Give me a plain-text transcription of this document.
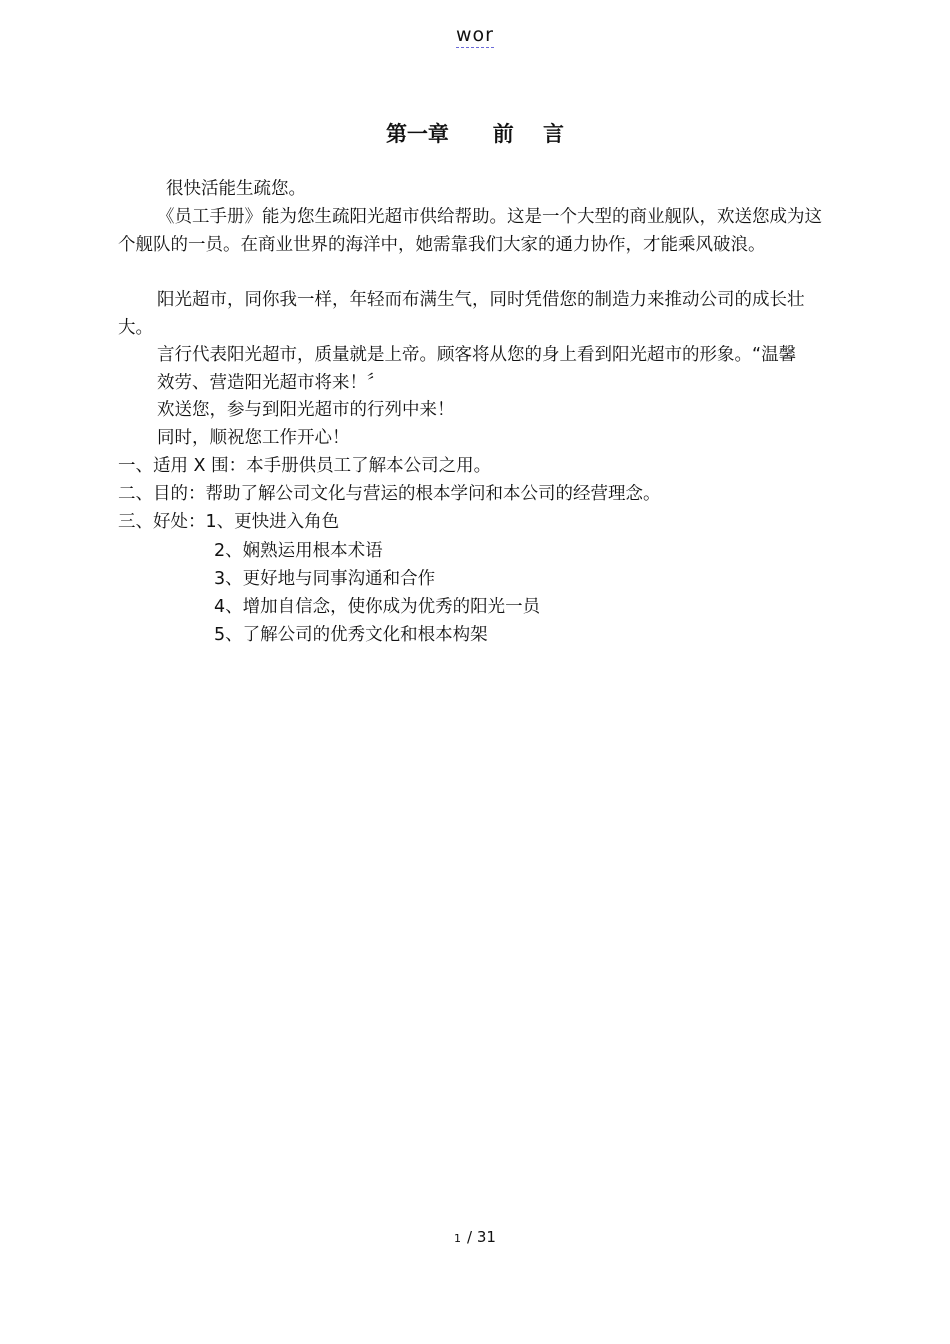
wor
第一章      前    言

很快活能生疏您。

《员工手册》能为您生疏阳光超市供给帮助。这是一个大型的商业舰队，欢送您成为这个舰队的一员。在商业世界的海洋中，她需靠我们大家的通力协作，才能乘风破浪。

阳光超市，同你我一样，年轻而布满生气，同时凭借您的制造力来推动公司的成长壮大。

言行代表阳光超市，质量就是上帝。顾客将从您的身上看到阳光超市的形象。“温馨效劳、营造阳光超市将来！〞

欢送您，参与到阳光超市的行列中来！

同时，顺祝您工作开心！

一、适用 X 围：本手册供员工了解本公司之用。

二、目的：帮助了解公司文化与营运的根本学问和本公司的经营理念。

三、好处：1、更快进入角色

2、娴熟运用根本术语

3、更好地与同事沟通和合作

4、增加自信念，使你成为优秀的阳光一员

5、了解公司的优秀文化和根本构架

1 / 31
